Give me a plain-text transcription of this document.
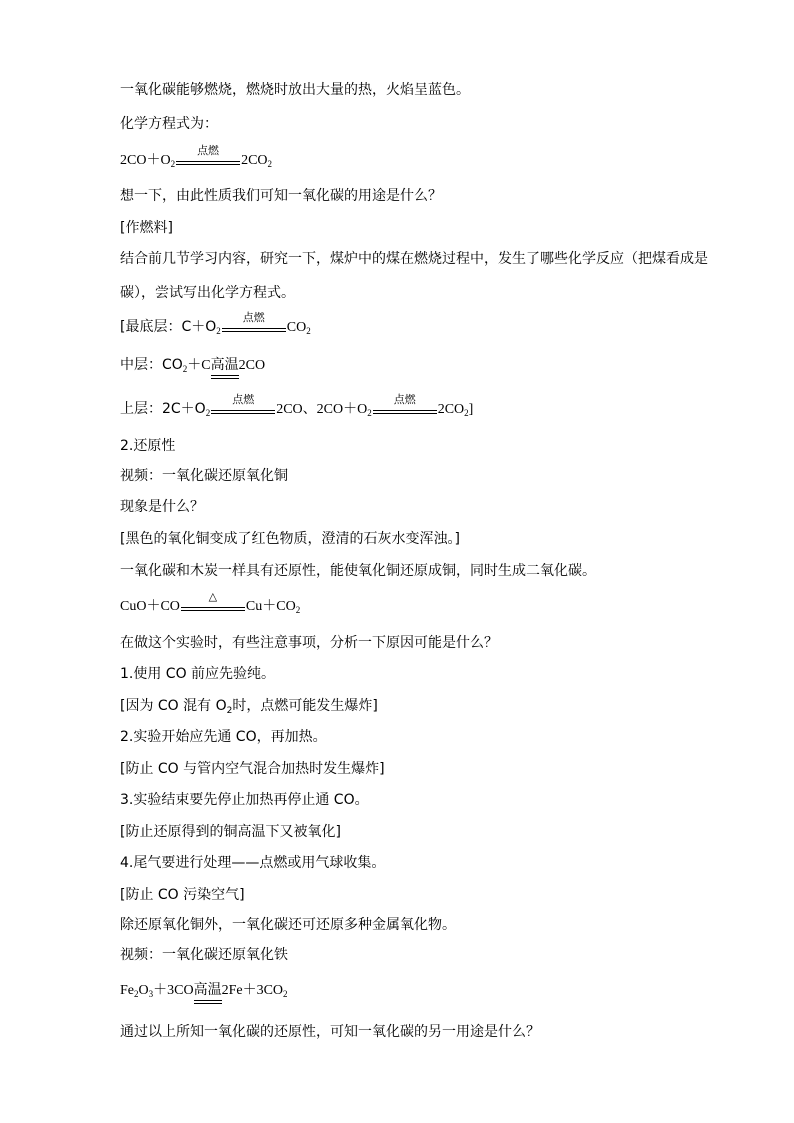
一氧化碳能够燃烧，燃烧时放出大量的热，火焰呈蓝色。
化学方程式为：
$2CO+O_2$
点燃
$2CO_2$
想一下，由此性质我们可知一氧化碳的用途是什么？
[作燃料]
结合前几节学习内容，研究一下，煤炉中的煤在燃烧过程中，发生了哪些化学反应（把煤看成是
碳），尝试写出化学方程式。
[最底层：$C+O_2$
点燃
$CO_2$
中层：$CO_2+C$高温2CO
上层：$2C+O_2$
点燃
2CO、$2CO+O_2$
点燃
$2CO_2$]
2.还原性
视频：一氧化碳还原氧化铜
现象是什么？
[黑色的氧化铜变成了红色物质，澄清的石灰水变浑浊。]
一氧化碳和木炭一样具有还原性，能使氧化铜还原成铜，同时生成二氧化碳。
CuO＋CO
△
$Cu+CO_2$
在做这个实验时，有些注意事项，分析一下原因可能是什么？
1.使用 CO 前应先验纯。
[因为 CO 混有 $O_2$时，点燃可能发生爆炸]
2.实验开始应先通 CO，再加热。
[防止 CO 与管内空气混合加热时发生爆炸]
3.实验结束要先停止加热再停止通 CO。
[防止还原得到的铜高温下又被氧化]
4.尾气要进行处理——点燃或用气球收集。
[防止 CO 污染空气]
除还原氧化铜外，一氧化碳还可还原多种金属氧化物。
视频：一氧化碳还原氧化铁
$Fe_2O_3+3CO$高温$2Fe+3CO_2$
通过以上所知一氧化碳的还原性，可知一氧化碳的另一用途是什么？
